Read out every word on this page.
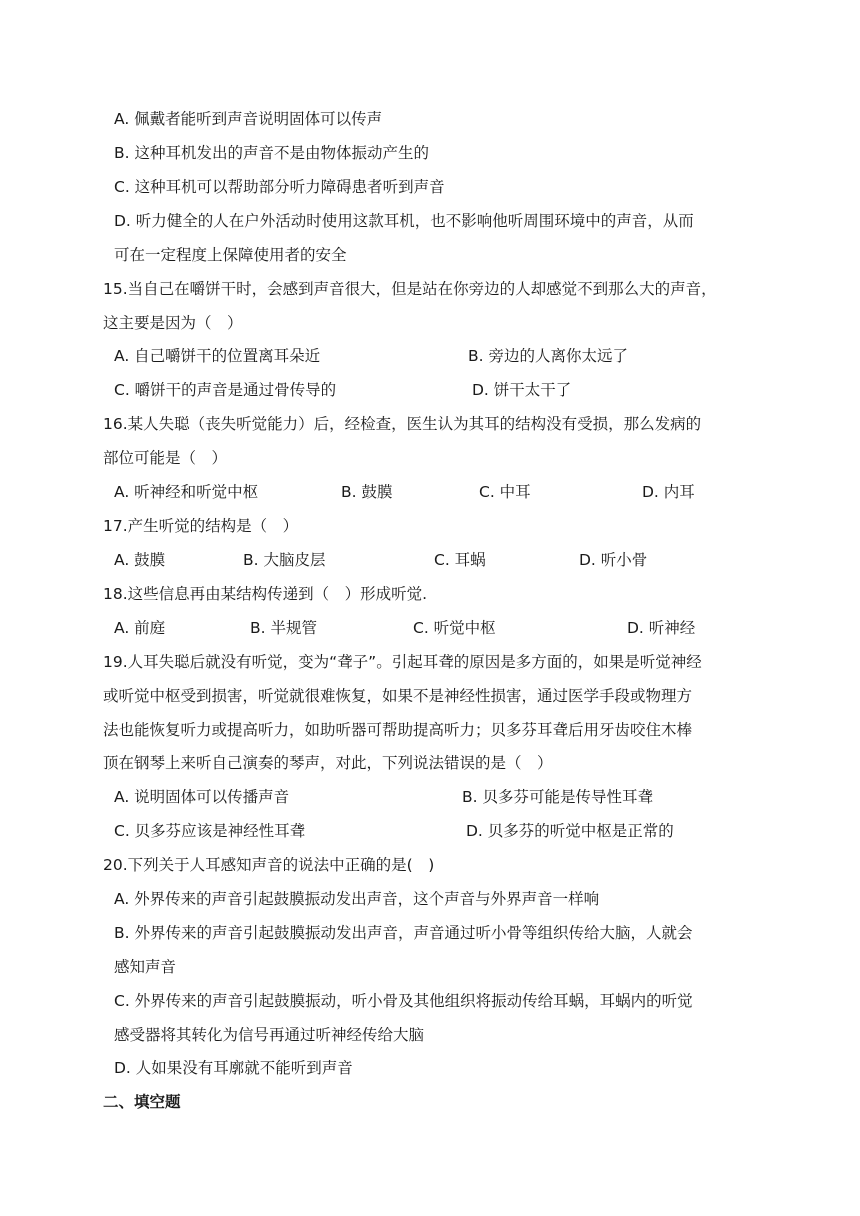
A. 佩戴者能听到声音说明固体可以传声
B. 这种耳机发出的声音不是由物体振动产生的
C. 这种耳机可以帮助部分听力障碍患者听到声音
D. 听力健全的人在户外活动时使用这款耳机，也不影响他听周围环境中的声音，从而
可在一定程度上保障使用者的安全
15.当自己在嚼饼干时，会感到声音很大，但是站在你旁边的人却感觉不到那么大的声音，
这主要是因为（　）
A. 自己嚼饼干的位置离耳朵近	B. 旁边的人离你太远了
C. 嚼饼干的声音是通过骨传导的	D. 饼干太干了
16.某人失聪（丧失听觉能力）后，经检查，医生认为其耳的结构没有受损，那么发病的
部位可能是（　）
A. 听神经和听觉中枢	B. 鼓膜	C. 中耳	D. 内耳
17.产生听觉的结构是（　）
A. 鼓膜	B. 大脑皮层	C. 耳蜗	D. 听小骨
18.这些信息再由某结构传递到（　）形成听觉.
A. 前庭	B. 半规管	C. 听觉中枢	D. 听神经
19.人耳失聪后就没有听觉，变为“聋子”。引起耳聋的原因是多方面的，如果是听觉神经
或听觉中枢受到损害，听觉就很难恢复，如果不是神经性损害，通过医学手段或物理方
法也能恢复听力或提高听力，如助听器可帮助提高听力；贝多芬耳聋后用牙齿咬住木棒
顶在钢琴上来听自己演奏的琴声，对此，下列说法错误的是（　）
A. 说明固体可以传播声音	B. 贝多芬可能是传导性耳聋
C. 贝多芬应该是神经性耳聋	D. 贝多芬的听觉中枢是正常的
20.下列关于人耳感知声音的说法中正确的是(　)
A. 外界传来的声音引起鼓膜振动发出声音，这个声音与外界声音一样响
B. 外界传来的声音引起鼓膜振动发出声音，声音通过听小骨等组织传给大脑，人就会
感知声音
C. 外界传来的声音引起鼓膜振动，听小骨及其他组织将振动传给耳蜗，耳蜗内的听觉
感受器将其转化为信号再通过听神经传给大脑
D. 人如果没有耳廓就不能听到声音
二、填空题
